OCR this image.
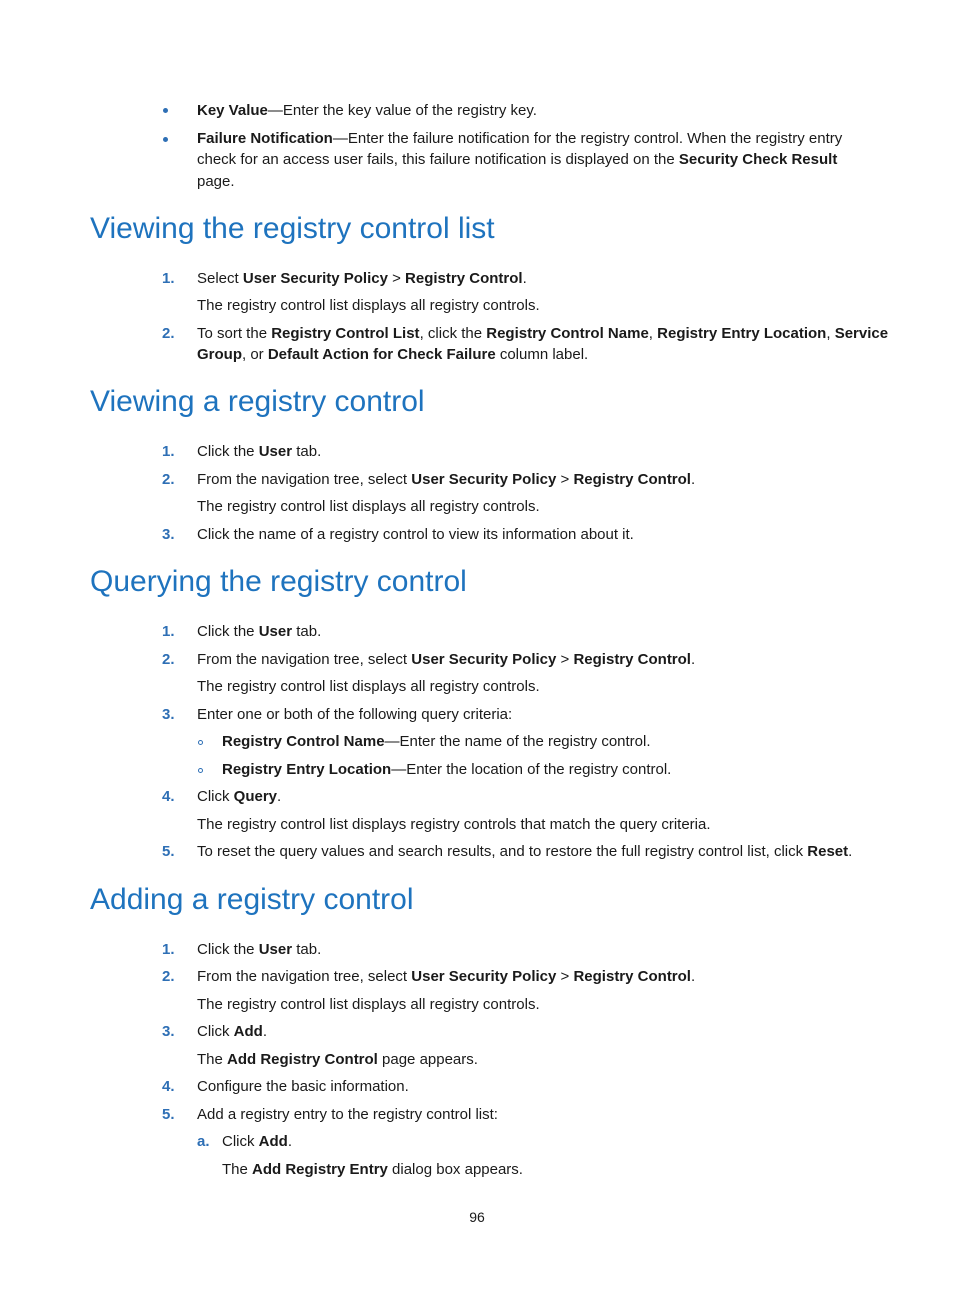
Key Value—Enter the key value of the registry key.
Failure Notification—Enter the failure notification for the registry control. When the registry entry
check for an access user fails, this failure notification is displayed on the Security Check Result
page.
Viewing the registry control list
1. Select User Security Policy > Registry Control.
The registry control list displays all registry controls.
2. To sort the Registry Control List, click the Registry Control Name, Registry Entry Location, Service
Group, or Default Action for Check Failure column label.
Viewing a registry control
1. Click the User tab.
2. From the navigation tree, select User Security Policy > Registry Control.
The registry control list displays all registry controls.
3. Click the name of a registry control to view its information about it.
Querying the registry control
1. Click the User tab.
2. From the navigation tree, select User Security Policy > Registry Control.
The registry control list displays all registry controls.
3. Enter one or both of the following query criteria:
Registry Control Name—Enter the name of the registry control.
Registry Entry Location—Enter the location of the registry control.
4. Click Query.
The registry control list displays registry controls that match the query criteria.
5. To reset the query values and search results, and to restore the full registry control list, click Reset.
Adding a registry control
1. Click the User tab.
2. From the navigation tree, select User Security Policy > Registry Control.
The registry control list displays all registry controls.
3. Click Add.
The Add Registry Control page appears.
4. Configure the basic information.
5. Add a registry entry to the registry control list:
a. Click Add.
The Add Registry Entry dialog box appears.
96
